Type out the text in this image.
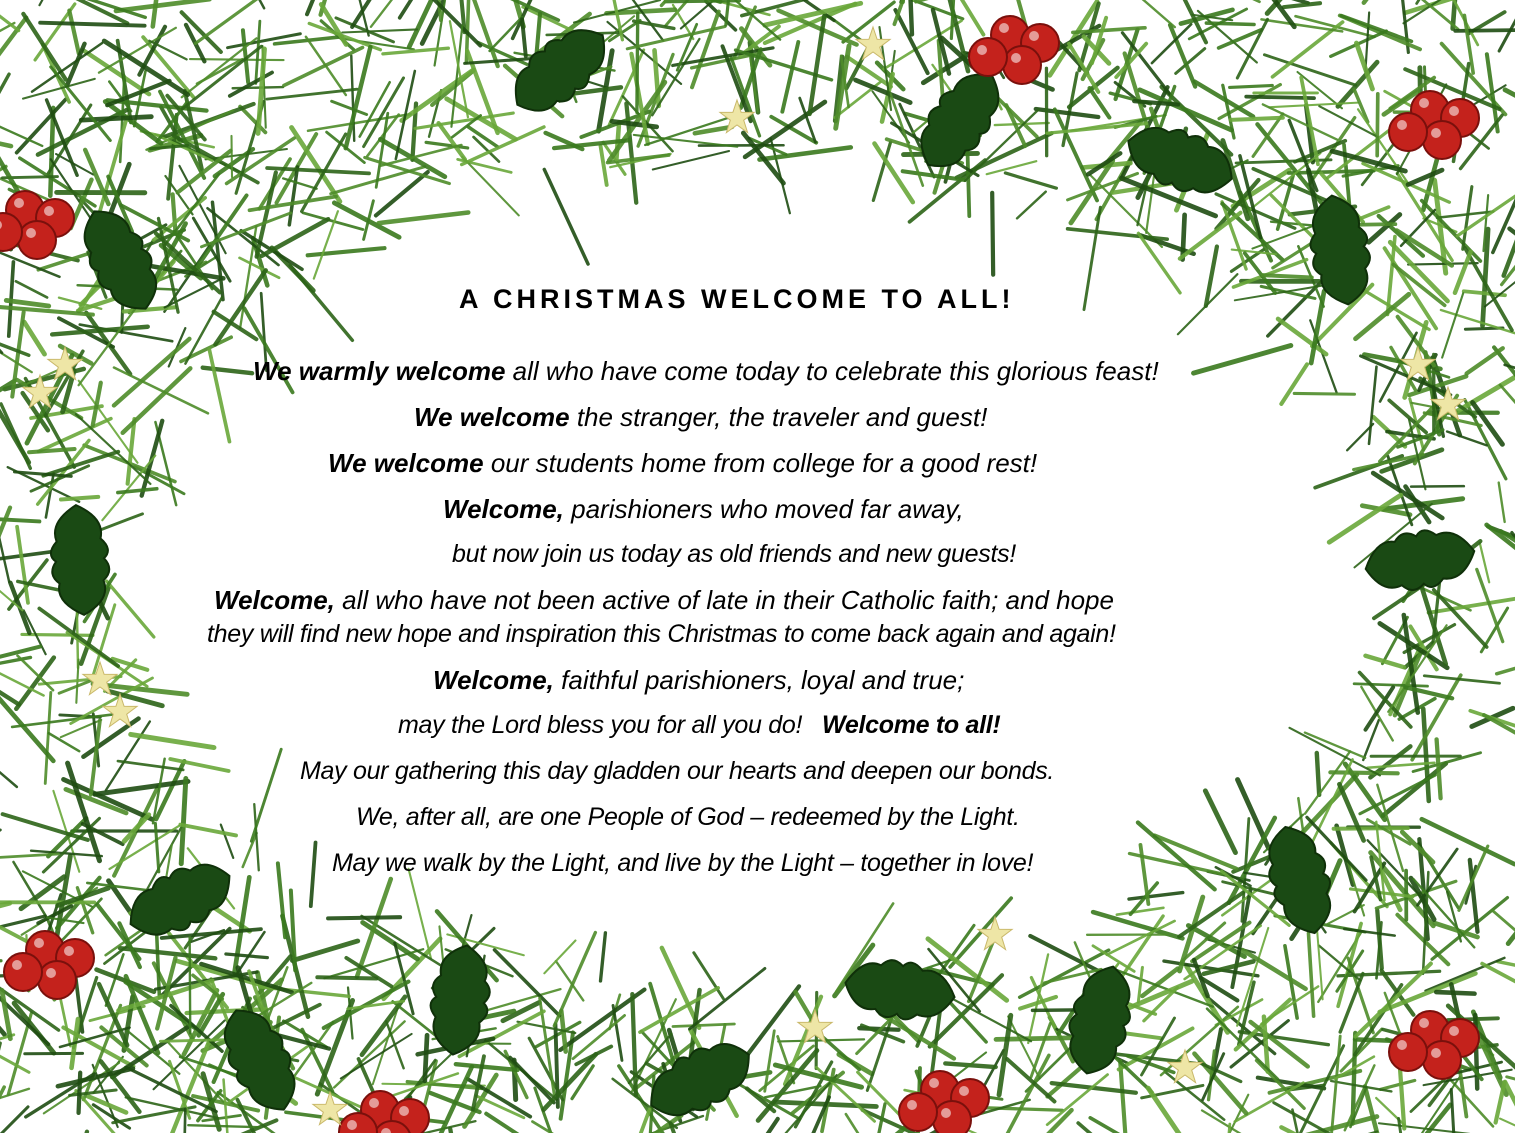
A CHRISTMAS WELCOME TO ALL!

We warmly welcome all who have come today to celebrate this glorious feast!

We welcome the stranger, the traveler and guest!

We welcome our students home from college for a good rest!

Welcome, parishioners who moved far away,

but now join us today as old friends and new guests!

Welcome, all who have not been active of late in their Catholic faith; and hope

they will find new hope and inspiration this Christmas to come back again and again!

Welcome, faithful parishioners, loyal and true;

may the Lord bless you for all you do!   Welcome to all!

May our gathering this day gladden our hearts and deepen our bonds.

We, after all, are one People of God – redeemed by the Light.

May we walk by the Light, and live by the Light – together in love!
